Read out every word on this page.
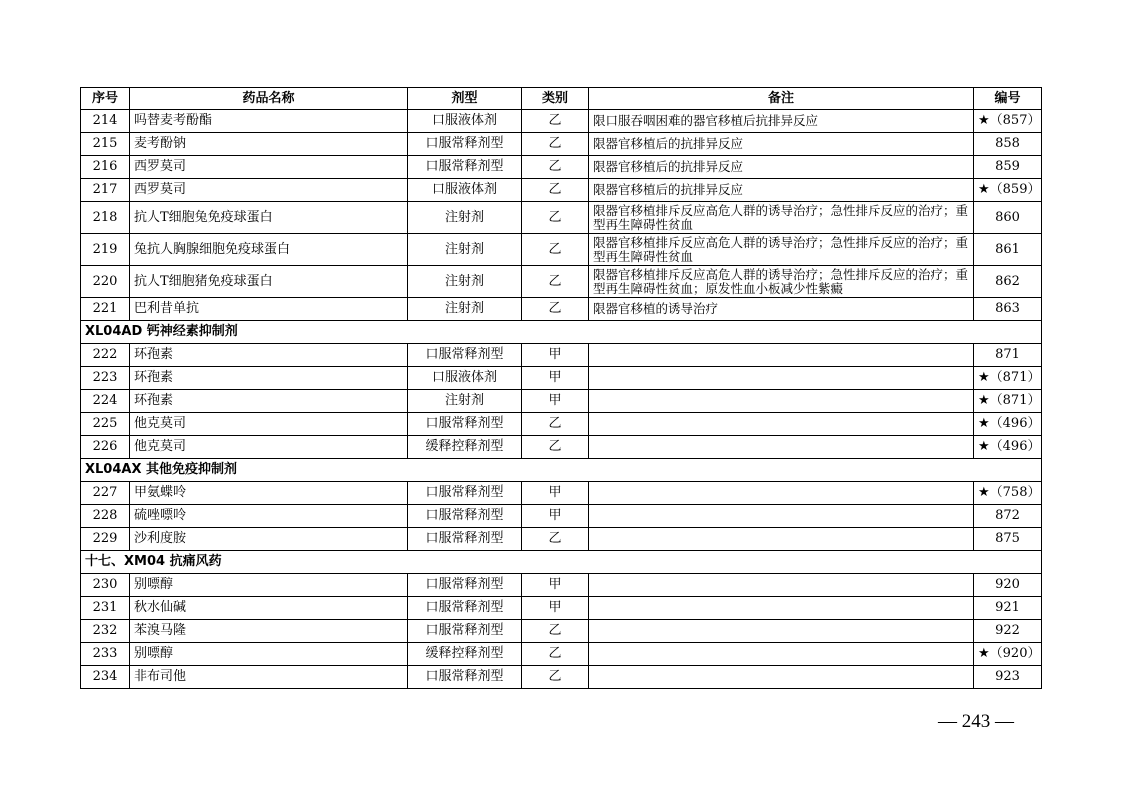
序号	药品名称	剂型	类别	备注	编号
214	吗替麦考酚酯	口服液体剂	乙	限口服吞咽困难的器官移植后抗排异反应	★（857）
215	麦考酚钠	口服常释剂型	乙	限器官移植后的抗排异反应	858
216	西罗莫司	口服常释剂型	乙	限器官移植后的抗排异反应	859
217	西罗莫司	口服液体剂	乙	限器官移植后的抗排异反应	★（859）
218	抗人T细胞兔免疫球蛋白	注射剂	乙	限器官移植排斥反应高危人群的诱导治疗；急性排斥反应的治疗；重型再生障碍性贫血	860
219	兔抗人胸腺细胞免疫球蛋白	注射剂	乙	限器官移植排斥反应高危人群的诱导治疗；急性排斥反应的治疗；重型再生障碍性贫血	861
220	抗人T细胞猪免疫球蛋白	注射剂	乙	限器官移植排斥反应高危人群的诱导治疗；急性排斥反应的治疗；重型再生障碍性贫血；原发性血小板减少性紫癜	862
221	巴利昔单抗	注射剂	乙	限器官移植的诱导治疗	863
XL04AD 钙神经素抑制剂					
222	环孢素	口服常释剂型	甲		871
223	环孢素	口服液体剂	甲		★（871）
224	环孢素	注射剂	甲		★（871）
225	他克莫司	口服常释剂型	乙		★（496）
226	他克莫司	缓释控释剂型	乙		★（496）
XL04AX 其他免疫抑制剂					
227	甲氨蝶呤	口服常释剂型	甲		★（758）
228	硫唑嘌呤	口服常释剂型	甲		872
229	沙利度胺	口服常释剂型	乙		875
十七、XM04 抗痛风药					
230	别嘌醇	口服常释剂型	甲		920
231	秋水仙碱	口服常释剂型	甲		921
232	苯溴马隆	口服常释剂型	乙		922
233	别嘌醇	缓释控释剂型	乙		★（920）
234	非布司他	口服常释剂型	乙		923
— 243 —
